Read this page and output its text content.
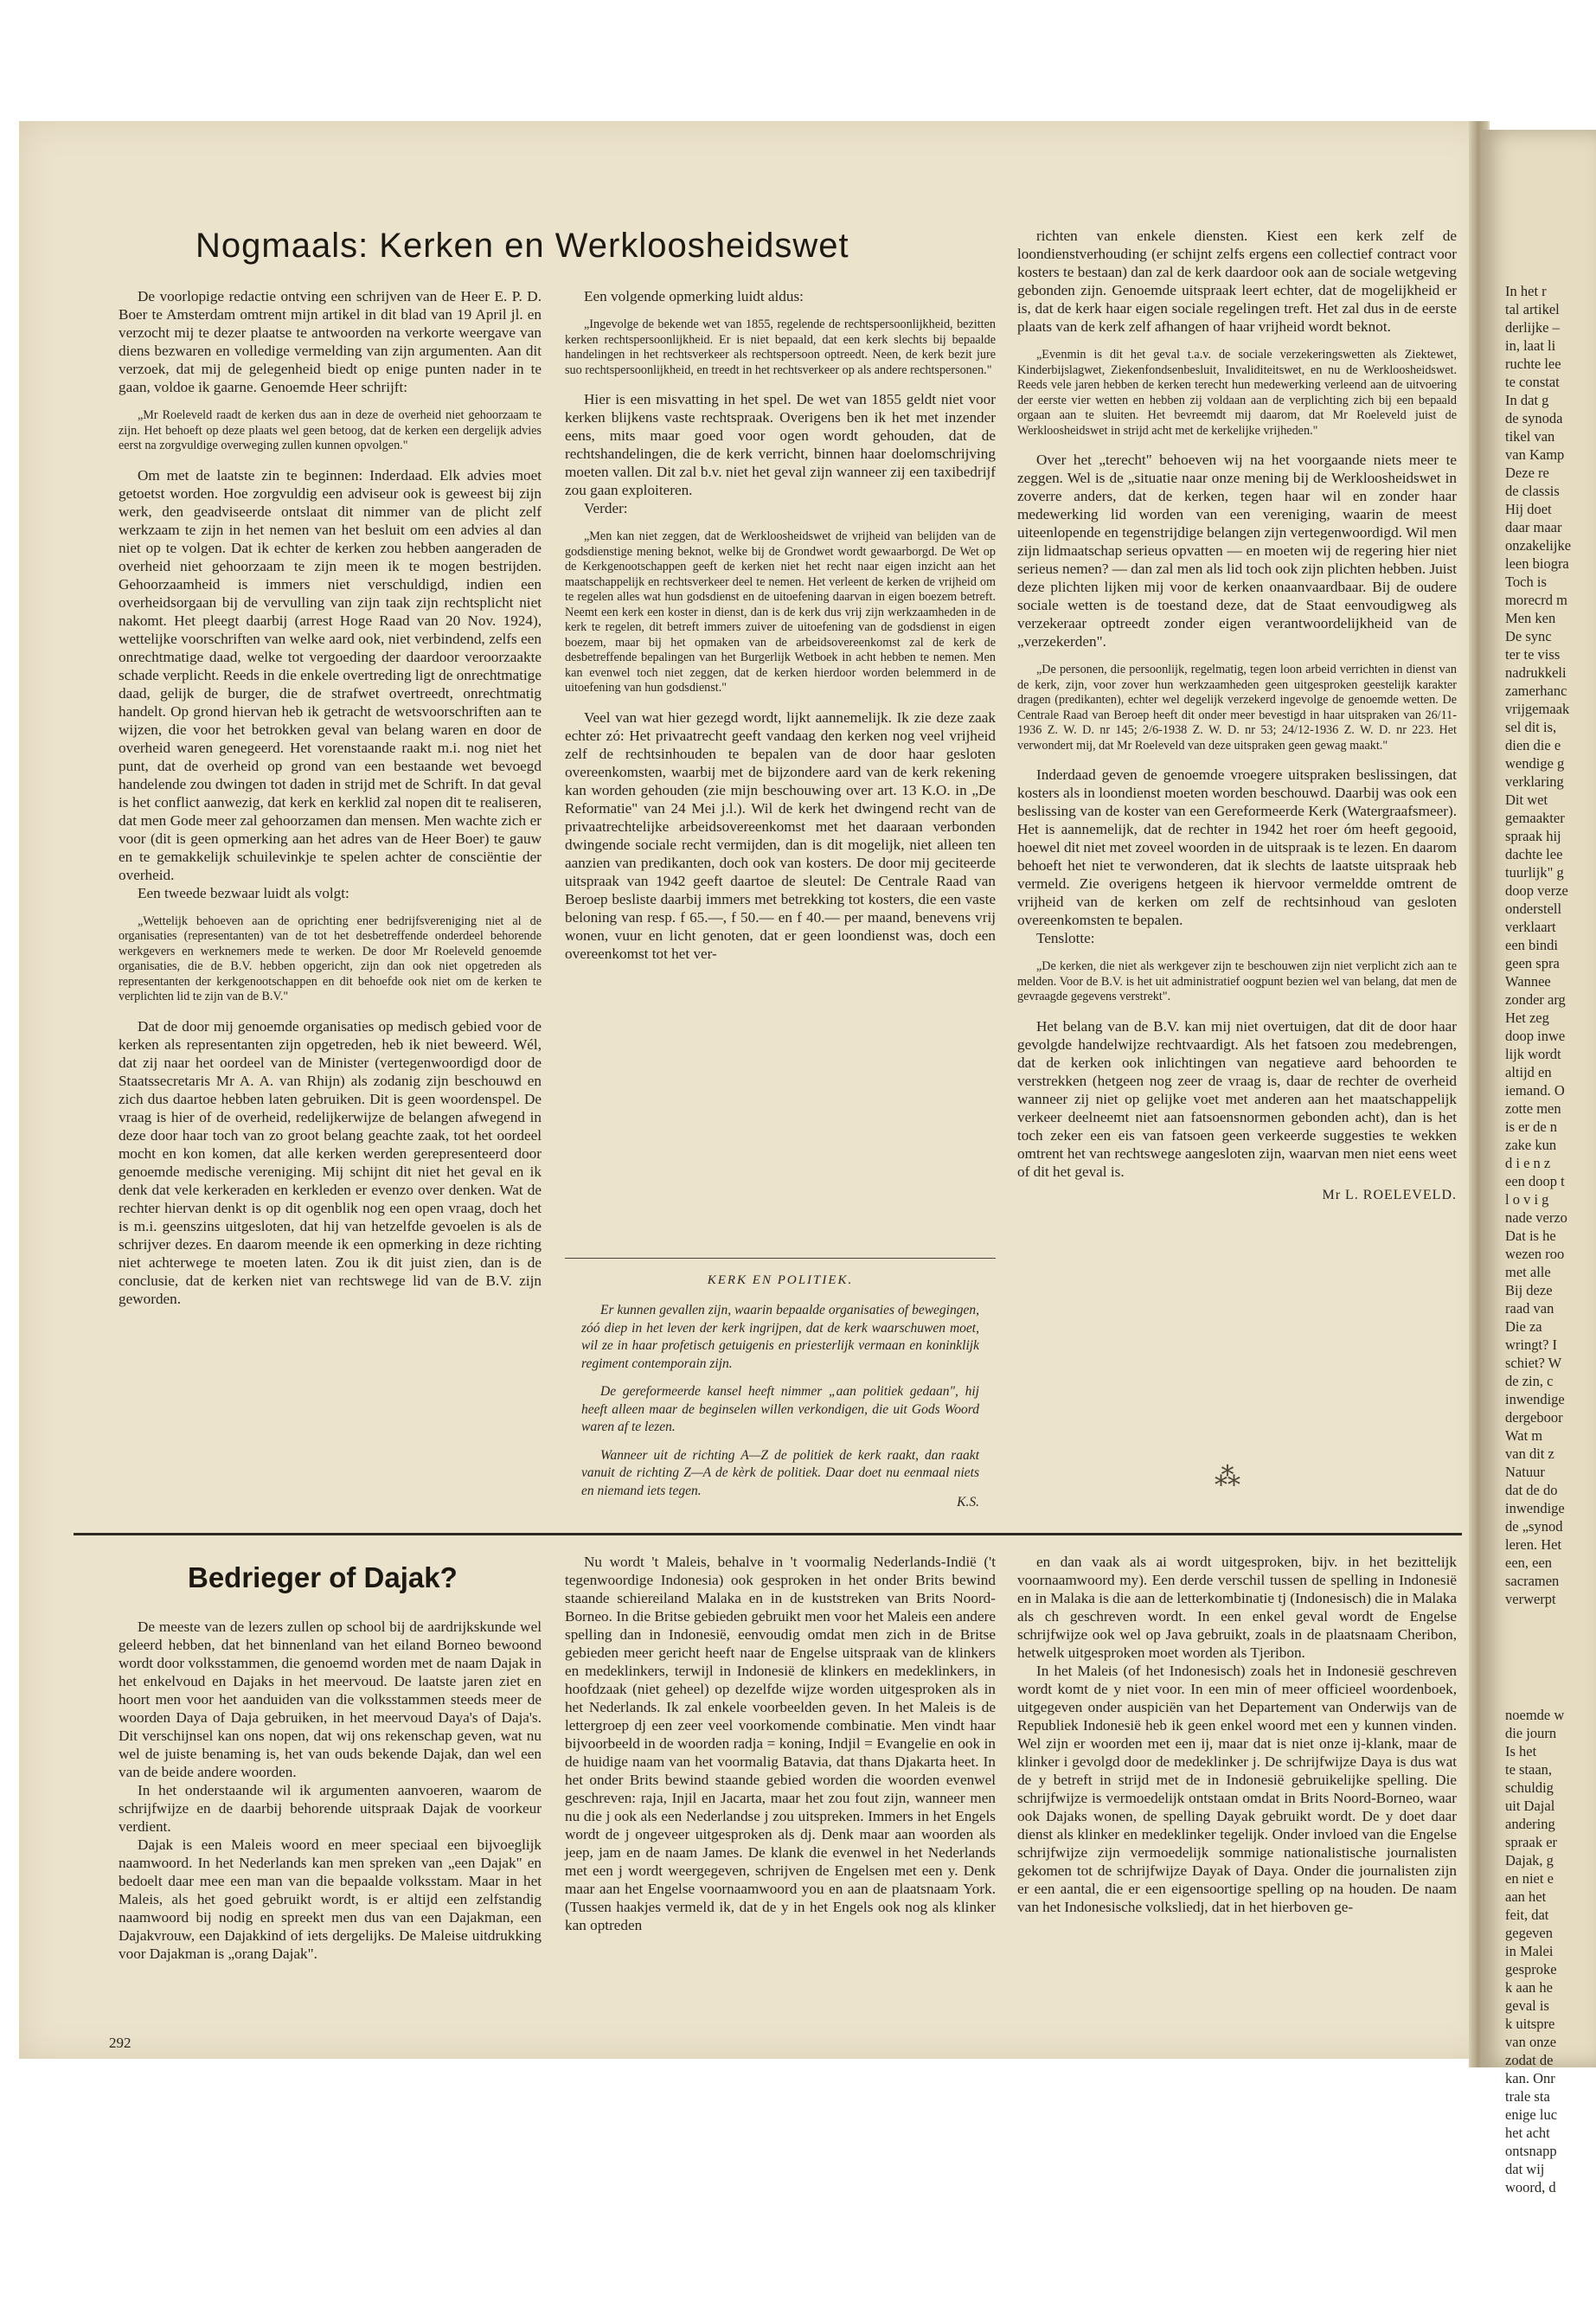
Nogmaals: Kerken en Werkloosheidswet

De voorlopige redactie ontving een schrijven van de Heer E. P. D. Boer te Amsterdam omtrent mijn artikel in dit blad van 19 April jl. en verzocht mij te dezer plaatse te antwoorden na verkorte weergave van diens bezwaren en volledige vermelding van zijn argumenten. Aan dit verzoek, dat mij de gelegenheid biedt op enige punten nader in te gaan, voldoe ik gaarne. Genoemde Heer schrijft:

„Mr Roeleveld raadt de kerken dus aan in deze de overheid niet gehoorzaam te zijn. Het behoeft op deze plaats wel geen betoog, dat de kerken een dergelijk advies eerst na zorgvuldige overweging zullen kunnen opvolgen."

Om met de laatste zin te beginnen: Inderdaad. Elk advies moet getoetst worden. Hoe zorgvuldig een adviseur ook is geweest bij zijn werk, den geadviseerde ontslaat dit nimmer van de plicht zelf werkzaam te zijn in het nemen van het besluit om een advies al dan niet op te volgen. Dat ik echter de kerken zou hebben aangeraden de overheid niet gehoorzaam te zijn meen ik te mogen bestrijden. Gehoorzaamheid is immers niet verschuldigd, indien een overheidsorgaan bij de vervulling van zijn taak zijn rechtsplicht niet nakomt. Het pleegt daarbij (arrest Hoge Raad van 20 Nov. 1924), wettelijke voorschriften van welke aard ook, niet verbindend, zelfs een onrechtmatige daad, welke tot vergoeding der daardoor veroorzaakte schade verplicht. Reeds in die enkele overtreding ligt de onrechtmatige daad, gelijk de burger, die de strafwet overtreedt, onrechtmatig handelt. Op grond hiervan heb ik getracht de wetsvoorschriften aan te wijzen, die voor het betrokken geval van belang waren en door de overheid waren genegeerd. Het vorenstaande raakt m.i. nog niet het punt, dat de overheid op grond van een bestaande wet bevoegd handelende zou dwingen tot daden in strijd met de Schrift. In dat geval is het conflict aanwezig, dat kerk en kerklid zal nopen dit te realiseren, dat men Gode meer zal gehoorzamen dan mensen. Men wachte zich er voor (dit is geen opmerking aan het adres van de Heer Boer) te gauw en te gemakkelijk schuilevinkje te spelen achter de consciëntie der overheid.

Een tweede bezwaar luidt als volgt:

„Wettelijk behoeven aan de oprichting ener bedrijfsvereniging niet al de organisaties (representanten) van de tot het desbetreffende onderdeel behorende werkgevers en werknemers mede te werken. De door Mr Roeleveld genoemde organisaties, die de B.V. hebben opgericht, zijn dan ook niet opgetreden als representanten der kerkgenootschappen en dit behoefde ook niet om de kerken te verplichten lid te zijn van de B.V."

Dat de door mij genoemde organisaties op medisch gebied voor de kerken als representanten zijn opgetreden, heb ik niet beweerd. Wél, dat zij naar het oordeel van de Minister (vertegenwoordigd door de Staatssecretaris Mr A. A. van Rhijn) als zodanig zijn beschouwd en zich dus daartoe hebben laten gebruiken. Dit is geen woordenspel. De vraag is hier of de overheid, redelijkerwijze de belangen afwegend in deze door haar toch van zo groot belang geachte zaak, tot het oordeel mocht en kon komen, dat alle kerken werden gerepresenteerd door genoemde medische vereniging. Mij schijnt dit niet het geval en ik denk dat vele kerkeraden en kerkleden er evenzo over denken. Wat de rechter hiervan denkt is op dit ogenblik nog een open vraag, doch het is m.i. geenszins uitgesloten, dat hij van hetzelfde gevoelen is als de schrijver dezes. En daarom meende ik een opmerking in deze richting niet achterwege te moeten laten. Zou ik dit juist zien, dan is de conclusie, dat de kerken niet van rechtswege lid van de B.V. zijn geworden.

Een volgende opmerking luidt aldus:

„Ingevolge de bekende wet van 1855, regelende de rechtspersoonlijkheid, bezitten kerken rechtspersoonlijkheid. Er is niet bepaald, dat een kerk slechts bij bepaalde handelingen in het rechtsverkeer als rechtspersoon optreedt. Neen, de kerk bezit jure suo rechtspersoonlijkheid, en treedt in het rechtsverkeer op als andere rechtspersonen."

Hier is een misvatting in het spel. De wet van 1855 geldt niet voor kerken blijkens vaste rechtspraak. Overigens ben ik het met inzender eens, mits maar goed voor ogen wordt gehouden, dat de rechtshandelingen, die de kerk verricht, binnen haar doelomschrijving moeten vallen. Dit zal b.v. niet het geval zijn wanneer zij een taxibedrijf zou gaan exploiteren.

Verder:

„Men kan niet zeggen, dat de Werkloosheidswet de vrijheid van belijden van de godsdienstige mening beknot, welke bij de Grondwet wordt gewaarborgd. De Wet op de Kerkgenootschappen geeft de kerken niet het recht naar eigen inzicht aan het maatschappelijk en rechtsverkeer deel te nemen. Het verleent de kerken de vrijheid om te regelen alles wat hun godsdienst en de uitoefening daarvan in eigen boezem betreft. Neemt een kerk een koster in dienst, dan is de kerk dus vrij zijn werkzaamheden in de kerk te regelen, dit betreft immers zuiver de uitoefening van de godsdienst in eigen boezem, maar bij het opmaken van de arbeidsovereenkomst zal de kerk de desbetreffende bepalingen van het Burgerlijk Wetboek in acht hebben te nemen. Men kan evenwel toch niet zeggen, dat de kerken hierdoor worden belemmerd in de uitoefening van hun godsdienst."

Veel van wat hier gezegd wordt, lijkt aannemelijk. Ik zie deze zaak echter zó: Het privaatrecht geeft vandaag den kerken nog veel vrijheid zelf de rechtsinhouden te bepalen van de door haar gesloten overeenkomsten, waarbij met de bijzondere aard van de kerk rekening kan worden gehouden (zie mijn beschouwing over art. 13 K.O. in „De Reformatie" van 24 Mei j.l.). Wil de kerk het dwingend recht van de privaatrechtelijke arbeidsovereenkomst met het daaraan verbonden dwingende sociale recht vermijden, dan is dit mogelijk, niet alleen ten aanzien van predikanten, doch ook van kosters. De door mij geciteerde uitspraak van 1942 geeft daartoe de sleutel: De Centrale Raad van Beroep besliste daarbij immers met betrekking tot kosters, die een vaste beloning van resp. f 65.—, f 50.— en f 40.— per maand, benevens vrij wonen, vuur en licht genoten, dat er geen loondienst was, doch een overeenkomst tot het ver-

richten van enkele diensten. Kiest een kerk zelf de loondienstverhouding (er schijnt zelfs ergens een collectief contract voor kosters te bestaan) dan zal de kerk daardoor ook aan de sociale wetgeving gebonden zijn. Genoemde uitspraak leert echter, dat de mogelijkheid er is, dat de kerk haar eigen sociale regelingen treft. Het zal dus in de eerste plaats van de kerk zelf afhangen of haar vrijheid wordt beknot.

„Evenmin is dit het geval t.a.v. de sociale verzekeringswetten als Ziektewet, Kinderbijslagwet, Ziekenfondsenbesluit, Invaliditeitswet, en nu de Werkloosheidswet. Reeds vele jaren hebben de kerken terecht hun medewerking verleend aan de uitvoering der eerste vier wetten en hebben zij voldaan aan de verplichting zich bij een bepaald orgaan aan te sluiten. Het bevreemdt mij daarom, dat Mr Roeleveld juist de Werkloosheidswet in strijd acht met de kerkelijke vrijheden."

Over het „terecht" behoeven wij na het voorgaande niets meer te zeggen. Wel is de „situatie naar onze mening bij de Werkloosheidswet in zoverre anders, dat de kerken, tegen haar wil en zonder haar medewerking lid worden van een vereniging, waarin de meest uiteenlopende en tegenstrijdige belangen zijn vertegenwoordigd. Wil men zijn lidmaatschap serieus opvatten — en moeten wij de regering hier niet serieus nemen? — dan zal men als lid toch ook zijn plichten hebben. Juist deze plichten lijken mij voor de kerken onaanvaardbaar. Bij de oudere sociale wetten is de toestand deze, dat de Staat eenvoudigweg als verzekeraar optreedt zonder eigen verantwoordelijkheid van de „verzekerden".

„De personen, die persoonlijk, regelmatig, tegen loon arbeid verrichten in dienst van de kerk, zijn, voor zover hun werkzaamheden geen uitgesproken geestelijk karakter dragen (predikanten), echter wel degelijk verzekerd ingevolge de genoemde wetten. De Centrale Raad van Beroep heeft dit onder meer bevestigd in haar uitspraken van 26/11-1936 Z. W. D. nr 145; 2/6-1938 Z. W. D. nr 53; 24/12-1936 Z. W. D. nr 223. Het verwondert mij, dat Mr Roeleveld van deze uitspraken geen gewag maakt."

Inderdaad geven de genoemde vroegere uitspraken beslissingen, dat kosters als in loondienst moeten worden beschouwd. Daarbij was ook een beslissing van de koster van een Gereformeerde Kerk (Watergraafsmeer). Het is aannemelijk, dat de rechter in 1942 het roer óm heeft gegooid, hoewel dit niet met zoveel woorden in de uitspraak is te lezen. En daarom behoeft het niet te verwonderen, dat ik slechts de laatste uitspraak heb vermeld. Zie overigens hetgeen ik hiervoor vermeldde omtrent de vrijheid van de kerken om zelf de rechtsinhoud van gesloten overeenkomsten te bepalen.

Tenslotte:

„De kerken, die niet als werkgever zijn te beschouwen zijn niet verplicht zich aan te melden. Voor de B.V. is het uit administratief oogpunt bezien wel van belang, dat men de gevraagde gegevens verstrekt".

Het belang van de B.V. kan mij niet overtuigen, dat dit de door haar gevolgde handelwijze rechtvaardigt. Als het fatsoen zou medebrengen, dat de kerken ook inlichtingen van negatieve aard behoorden te verstrekken (hetgeen nog zeer de vraag is, daar de rechter de overheid wanneer zij niet op gelijke voet met anderen aan het maatschappelijk verkeer deelneemt niet aan fatsoensnormen gebonden acht), dan is het toch zeker een eis van fatsoen geen verkeerde suggesties te wekken omtrent het van rechtswege aangesloten zijn, waarvan men niet eens weet of dit het geval is.

Mr L. ROELEVELD.
KERK EN POLITIEK.

Er kunnen gevallen zijn, waarin bepaalde organisaties of bewegingen, zóó diep in het leven der kerk ingrijpen, dat de kerk waarschuwen moet, wil ze in haar profetisch getuigenis en priesterlijk vermaan en koninklijk regiment contemporain zijn.

De gereformeerde kansel heeft nimmer „aan politiek gedaan", hij heeft alleen maar de beginselen willen verkondigen, die uit Gods Woord waren af te lezen.

Wanneer uit de richting A—Z de politiek de kerk raakt, dan raakt vanuit de richting Z—A de kèrk de politiek. Daar doet nu eenmaal niets en niemand iets tegen.

K.S.
⁂
Bedrieger of Dajak?

De meeste van de lezers zullen op school bij de aardrijkskunde wel geleerd hebben, dat het binnenland van het eiland Borneo bewoond wordt door volksstammen, die genoemd worden met de naam Dajak in het enkelvoud en Dajaks in het meervoud. De laatste jaren ziet en hoort men voor het aanduiden van die volksstammen steeds meer de woorden Daya of Daja gebruiken, in het meervoud Daya's of Daja's. Dit verschijnsel kan ons nopen, dat wij ons rekenschap geven, wat nu wel de juiste benaming is, het van ouds bekende Dajak, dan wel een van de beide andere woorden.

In het onderstaande wil ik argumenten aanvoeren, waarom de schrijfwijze en de daarbij behorende uitspraak Dajak de voorkeur verdient.

Dajak is een Maleis woord en meer speciaal een bijvoeglijk naamwoord. In het Nederlands kan men spreken van „een Dajak" en bedoelt daar mee een man van die bepaalde volksstam. Maar in het Maleis, als het goed gebruikt wordt, is er altijd een zelfstandig naamwoord bij nodig en spreekt men dus van een Dajakman, een Dajakvrouw, een Dajakkind of iets dergelijks. De Maleise uitdrukking voor Dajakman is „orang Dajak".

Nu wordt 't Maleis, behalve in 't voormalig Nederlands-Indië ('t tegenwoordige Indonesia) ook gesproken in het onder Brits bewind staande schiereiland Malaka en in de kuststreken van Brits Noord-Borneo. In die Britse gebieden gebruikt men voor het Maleis een andere spelling dan in Indonesië, eenvoudig omdat men zich in de Britse gebieden meer gericht heeft naar de Engelse uitspraak van de klinkers en medeklinkers, terwijl in Indonesië de klinkers en medeklinkers, in hoofdzaak (niet geheel) op dezelfde wijze worden uitgesproken als in het Nederlands. Ik zal enkele voorbeelden geven. In het Maleis is de lettergroep dj een zeer veel voorkomende combinatie. Men vindt haar bijvoorbeeld in de woorden radja = koning, Indjil = Evangelie en ook in de huidige naam van het voormalig Batavia, dat thans Djakarta heet. In het onder Brits bewind staande gebied worden die woorden evenwel geschreven: raja, Injil en Jacarta, maar het zou fout zijn, wanneer men nu die j ook als een Nederlandse j zou uitspreken. Immers in het Engels wordt de j ongeveer uitgesproken als dj. Denk maar aan woorden als jeep, jam en de naam James. De klank die evenwel in het Nederlands met een j wordt weergegeven, schrijven de Engelsen met een y. Denk maar aan het Engelse voornaamwoord you en aan de plaatsnaam York. (Tussen haakjes vermeld ik, dat de y in het Engels ook nog als klinker kan optreden

en dan vaak als ai wordt uitgesproken, bijv. in het bezittelijk voornaamwoord my). Een derde verschil tussen de spelling in Indonesië en in Malaka is die aan de letterkombinatie tj (Indonesisch) die in Malaka als ch geschreven wordt. In een enkel geval wordt de Engelse schrijfwijze ook wel op Java gebruikt, zoals in de plaatsnaam Cheribon, hetwelk uitgesproken moet worden als Tjeribon.

In het Maleis (of het Indonesisch) zoals het in Indonesië geschreven wordt komt de y niet voor. In een min of meer officieel woordenboek, uitgegeven onder auspiciën van het Departement van Onderwijs van de Republiek Indonesië heb ik geen enkel woord met een y kunnen vinden. Wel zijn er woorden met een ij, maar dat is niet onze ij-klank, maar de klinker i gevolgd door de medeklinker j. De schrijfwijze Daya is dus wat de y betreft in strijd met de in Indonesië gebruikelijke spelling. Die schrijfwijze is vermoedelijk ontstaan omdat in Brits Noord-Borneo, waar ook Dajaks wonen, de spelling Dayak gebruikt wordt. De y doet daar dienst als klinker en medeklinker tegelijk. Onder invloed van die Engelse schrijfwijze zijn vermoedelijk sommige nationalistische journalisten gekomen tot de schrijfwijze Dayak of Daya. Onder die journalisten zijn er een aantal, die er een eigensoortige spelling op na houden. De naam van het Indonesische volksliedj, dat in het hierboven ge-

292
In het r
tal artikel
derlijke –
in, laat li
ruchte lee
te constat
In dat g
de synoda
tikel van
van Kamp
Deze re
de classis
Hij doet
daar maar
onzakelijke
leen biogra
Toch is
morecrd m
Men ken
De sync
ter te viss
nadrukkeli
zamerhanc
vrijgemaak
sel dit is,
dien die e
wendige g
verklaring
Dit wet
gemaakter
spraak hij
dachte lee
tuurlijk" g
doop verze
onderstell
verklaart
een bindi
geen spra
Wannee
zonder arg
Het zeg
doop inwe
lijk wordt
altijd en
iemand. O
zotte men
is er de n
zake kun
d i e n z
een doop t
l o v i g
nade verzo
Dat is he
wezen roo
met alle
Bij deze
raad van
Die za
wringt? I
schiet? W
de zin, c
inwendige
dergeboor
Wat m
van dit z
Natuur
dat de do
inwendige
de „synod
leren. Het
een, een
sacramen
verwerpt
noemde w
die journ
Is het
te staan,
schuldig
uit Dajal
andering
spraak er
Dajak, g
en niet e
aan het
feit, dat
gegeven
in Malei
gesproke
k aan he
geval is
k uitspre
van onze
zodat de
kan. Onr
trale sta
enige luc
het acht
ontsnapp
dat wij
woord, d
